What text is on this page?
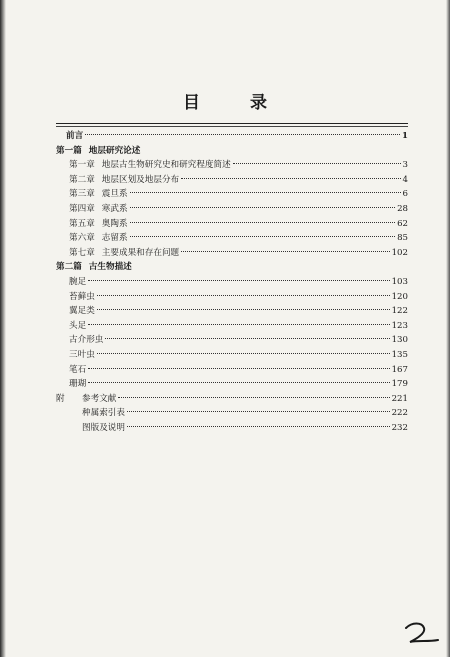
目 录
前言	1
第一篇 地层研究论述
第一章 地层古生物研究史和研究程度简述	3
第二章 地层区划及地层分布	4
第三章 震旦系	6
第四章 寒武系	28
第五章 奥陶系	62
第六章 志留系	85
第七章 主要成果和存在问题	102
第二篇 古生物描述
腕足	103
苔藓虫	120
翼足类	122
头足	123
古介形虫	130
三叶虫	135
笔石	167
珊瑚	179
附	参考文献	221
种属索引表	222
图版及说明	232
